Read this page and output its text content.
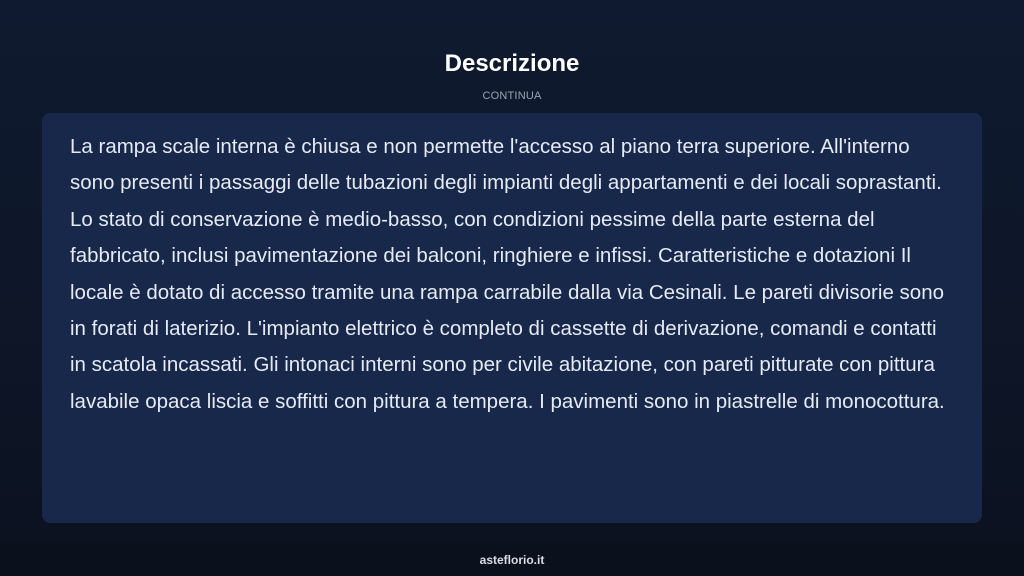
Descrizione
CONTINUA

La rampa scale interna è chiusa e non permette l'accesso al piano terra superiore. All'interno sono presenti i passaggi delle tubazioni degli impianti degli appartamenti e dei locali soprastanti. Lo stato di conservazione è medio-basso, con condizioni pessime della parte esterna del fabbricato, inclusi pavimentazione dei balconi, ringhiere e infissi. Caratteristiche e dotazioni Il locale è dotato di accesso tramite una rampa carrabile dalla via Cesinali. Le pareti divisorie sono in forati di laterizio. L'impianto elettrico è completo di cassette di derivazione, comandi e contatti in scatola incassati. Gli intonaci interni sono per civile abitazione, con pareti pitturate con pittura lavabile opaca liscia e soffitti con pittura a tempera. I pavimenti sono in piastrelle di monocottura.

asteflorio.it
